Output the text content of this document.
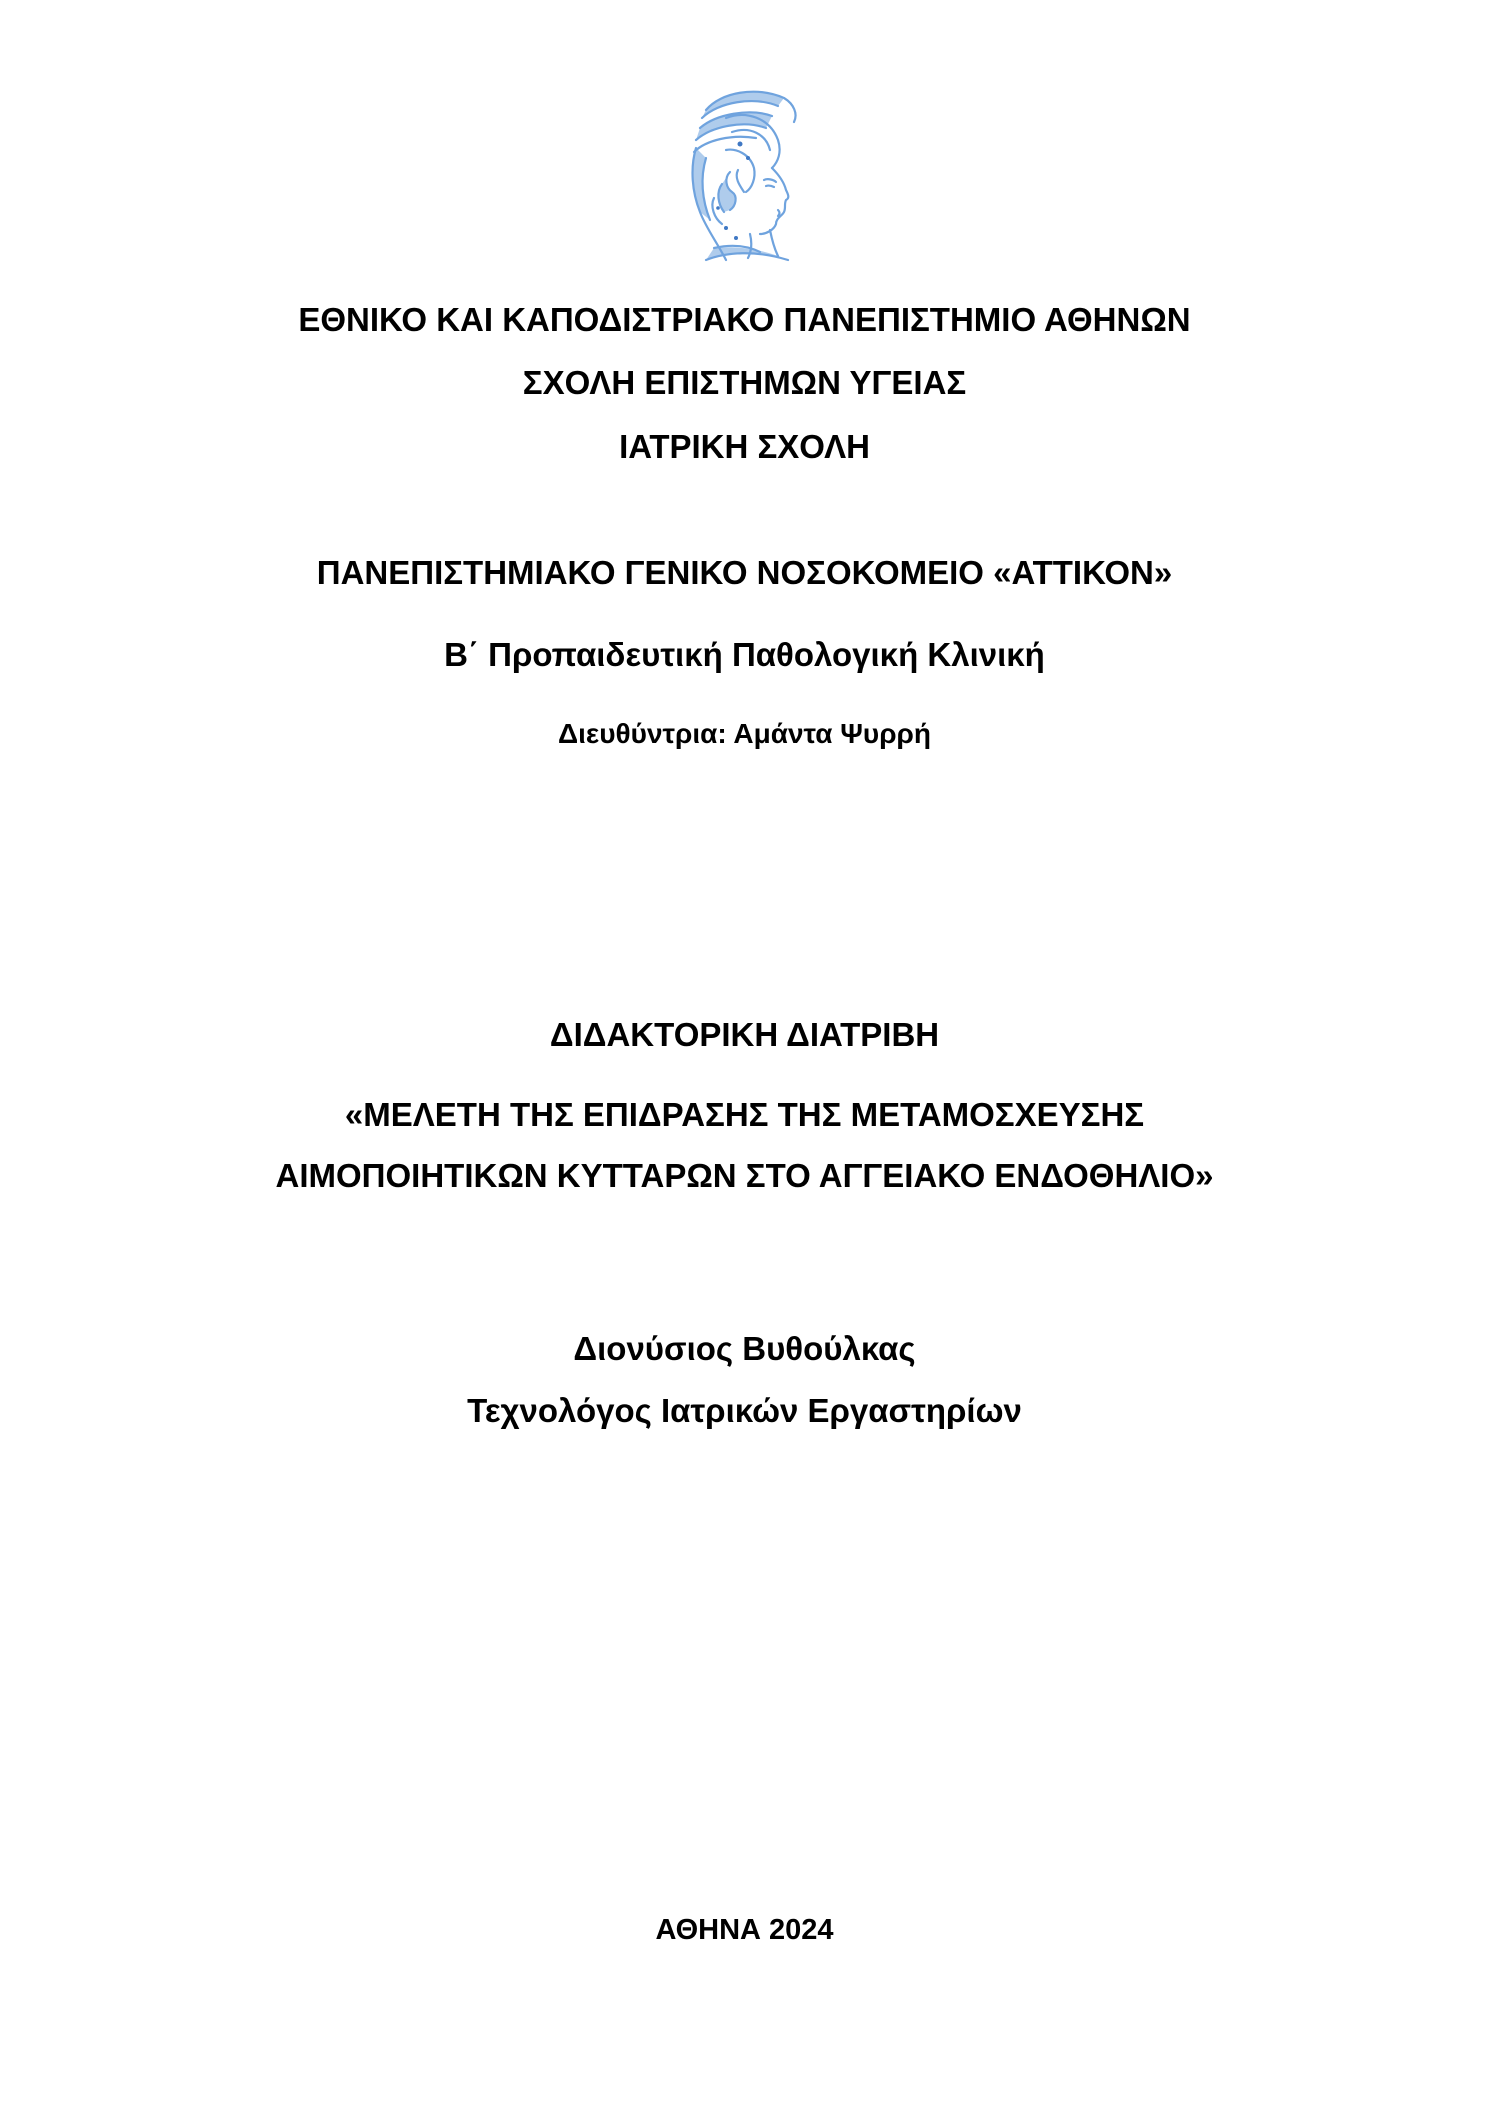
ΕΘΝΙΚΟ ΚΑΙ ΚΑΠΟΔΙΣΤΡΙΑΚΟ ΠΑΝΕΠΙΣΤΗΜΙΟ ΑΘΗΝΩΝ
ΣΧΟΛΗ ΕΠΙΣΤΗΜΩΝ ΥΓΕΙΑΣ
ΙΑΤΡΙΚΗ ΣΧΟΛΗ
ΠΑΝΕΠΙΣΤΗΜΙΑΚΟ ΓΕΝΙΚΟ ΝΟΣΟΚΟΜΕΙΟ «ΑΤΤΙΚΟΝ»
Β΄ Προπαιδευτική Παθολογική Κλινική
Διευθύντρια: Αμάντα Ψυρρή
ΔΙΔΑΚΤΟΡΙΚΗ ΔΙΑΤΡΙΒΗ
«ΜΕΛΕΤΗ ΤΗΣ ΕΠΙΔΡΑΣΗΣ ΤΗΣ ΜΕΤΑΜΟΣΧΕΥΣΗΣ
ΑΙΜΟΠΟΙΗΤΙΚΩΝ ΚΥΤΤΑΡΩΝ ΣΤΟ ΑΓΓΕΙΑΚΟ ΕΝΔΟΘΗΛΙΟ»
Διονύσιος Βυθούλκας
Τεχνολόγος Ιατρικών Εργαστηρίων
ΑΘΗΝΑ 2024
